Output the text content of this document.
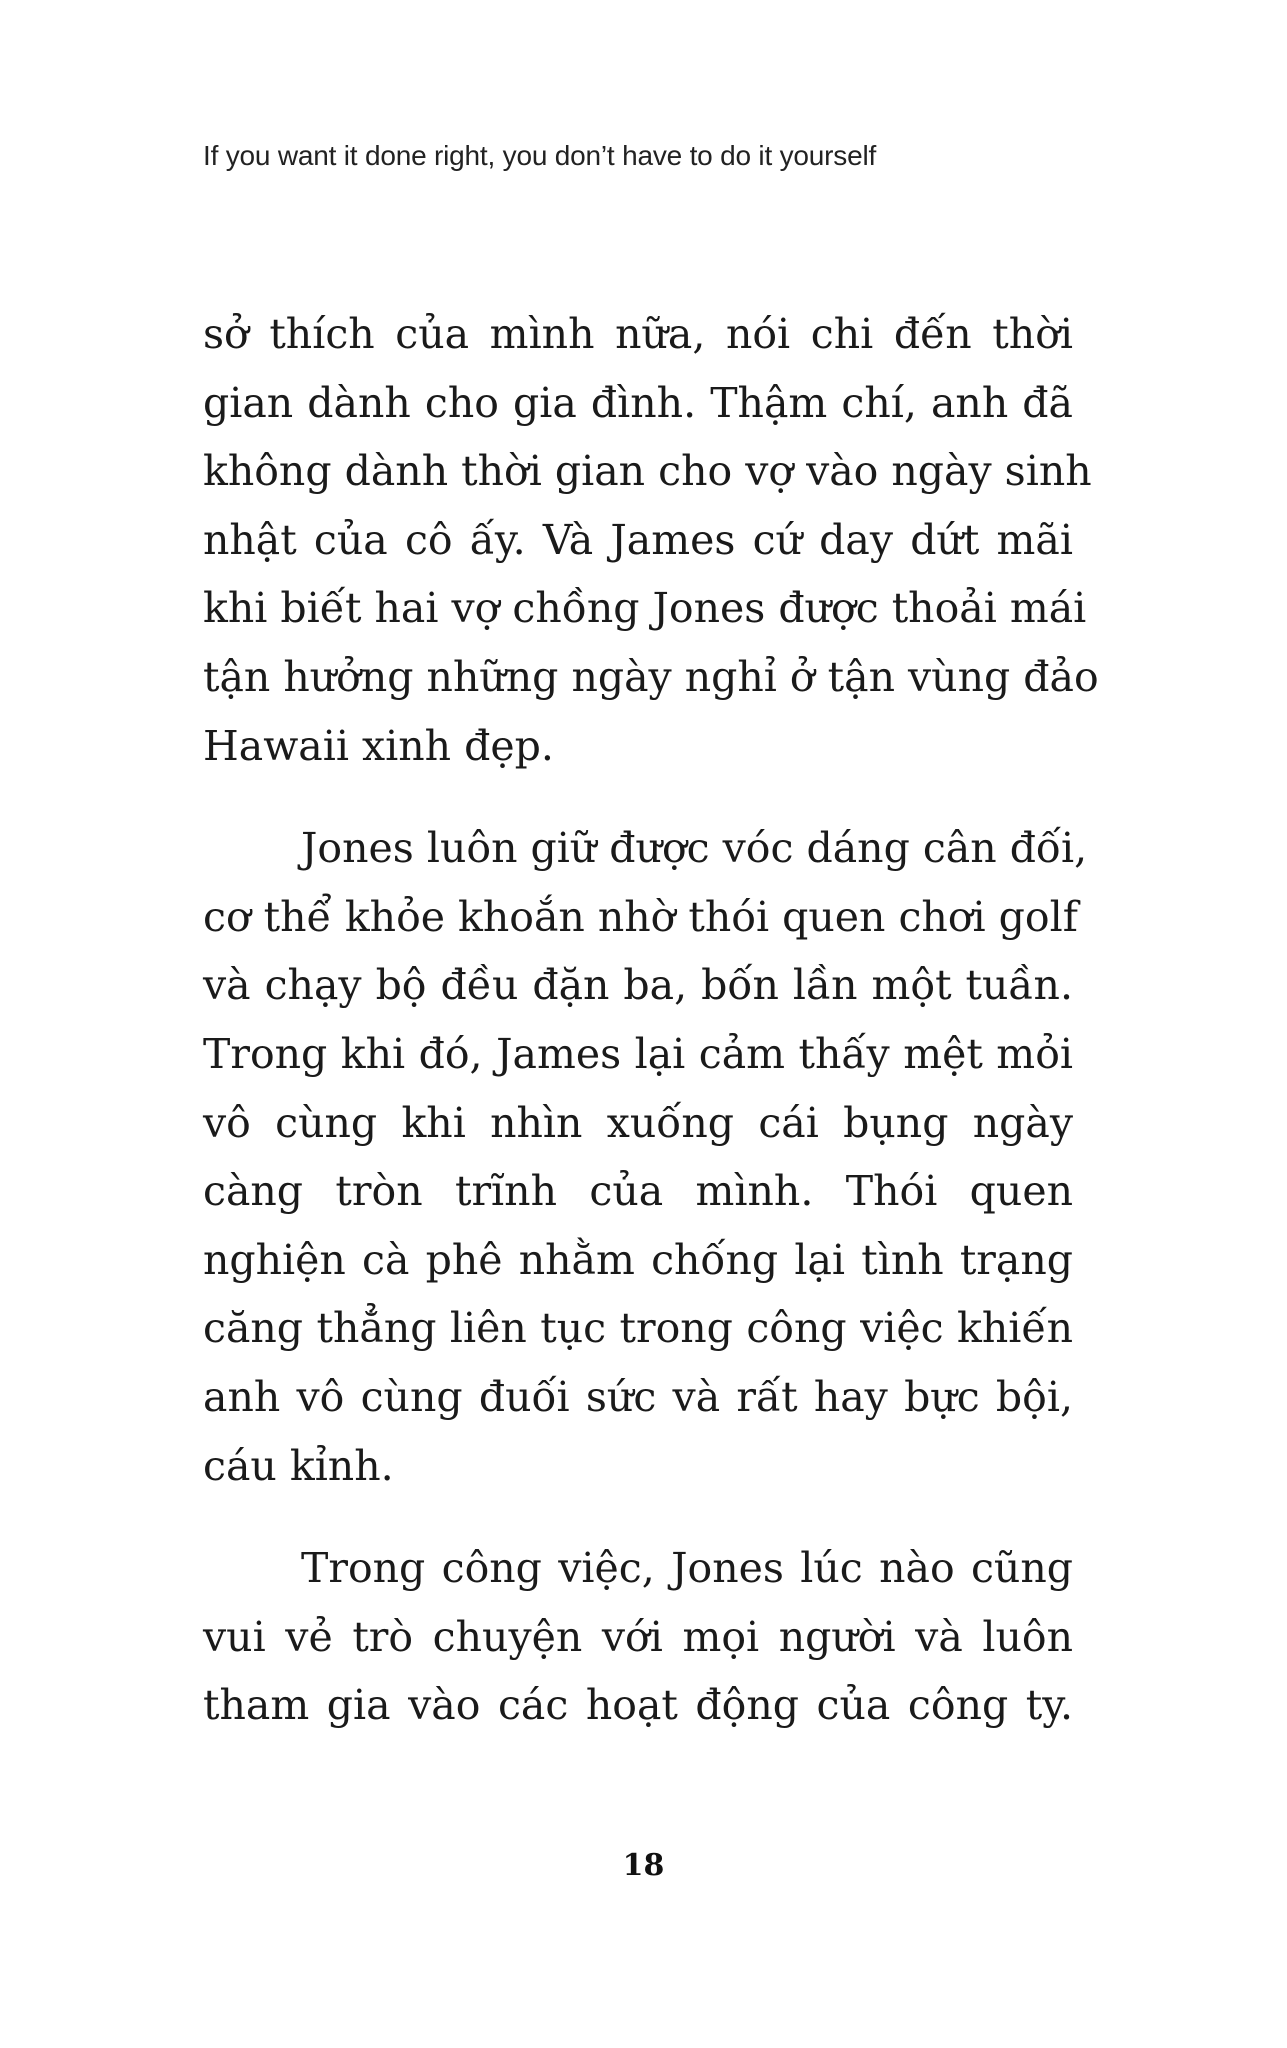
If you want it done right, you don’t have to do it yourself

sở thích của mình nữa, nói chi đến thời
gian dành cho gia đình. Thậm chí, anh đã
không dành thời gian cho vợ vào ngày sinh
nhật của cô ấy. Và James cứ day dứt mãi
khi biết hai vợ chồng Jones được thoải mái
tận hưởng những ngày nghỉ ở tận vùng đảo
Hawaii xinh đẹp.

Jones luôn giữ được vóc dáng cân đối,
cơ thể khỏe khoắn nhờ thói quen chơi golf
và chạy bộ đều đặn ba, bốn lần một tuần.
Trong khi đó, James lại cảm thấy mệt mỏi
vô cùng khi nhìn xuống cái bụng ngày
càng tròn trĩnh của mình. Thói quen
nghiện cà phê nhằm chống lại tình trạng
căng thẳng liên tục trong công việc khiến
anh vô cùng đuối sức và rất hay bực bội,
cáu kỉnh.

Trong công việc, Jones lúc nào cũng
vui vẻ trò chuyện với mọi người và luôn
tham gia vào các hoạt động của công ty.

18
